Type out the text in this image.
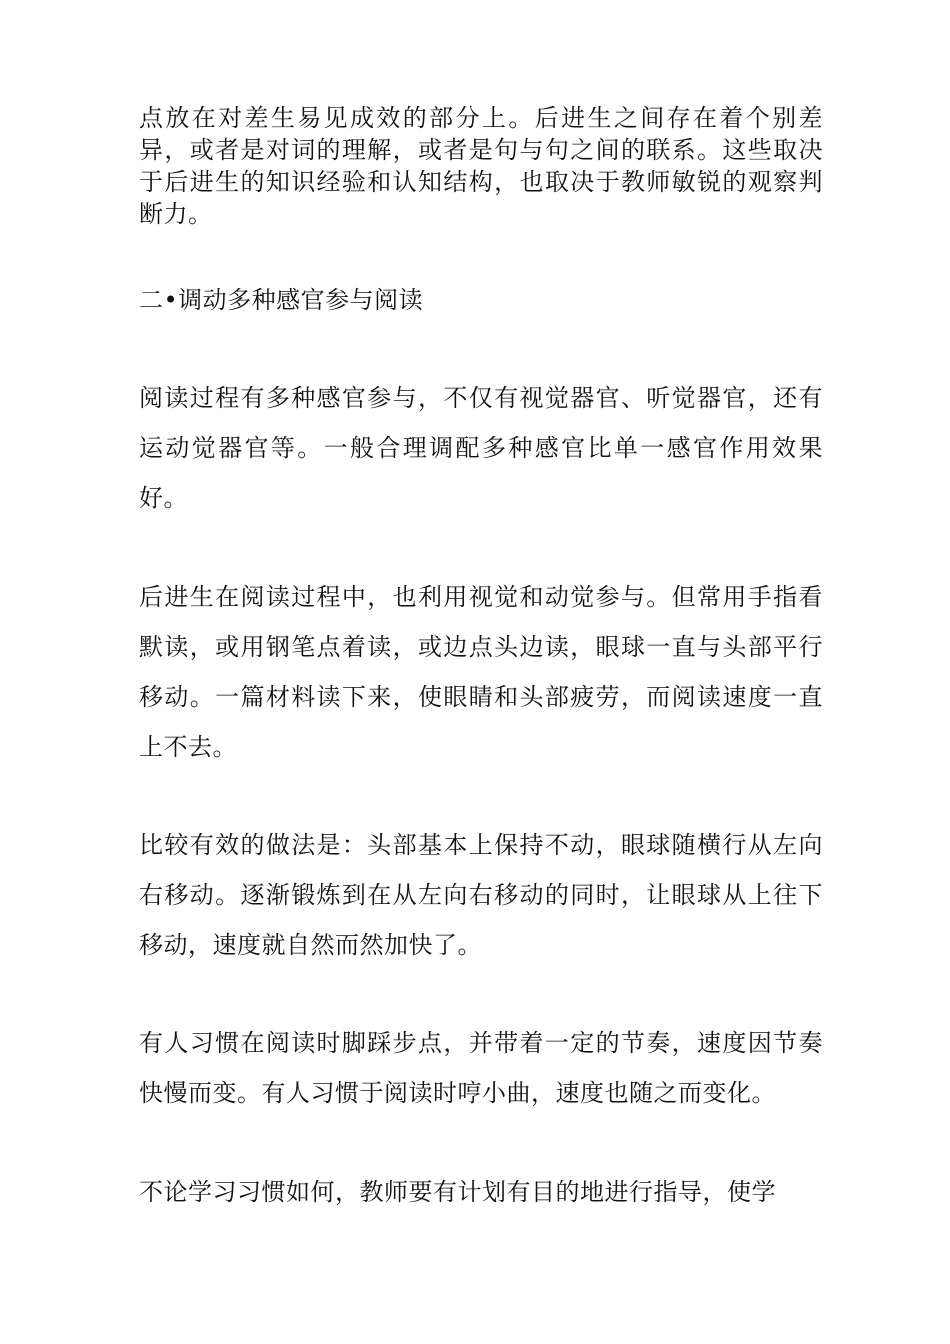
点放在对差生易见成效的部分上。后进生之间存在着个别差异，或者是对词的理解，或者是句与句之间的联系。这些取决于后进生的知识经验和认知结构，也取决于教师敏锐的观察判断力。

二•调动多种感官参与阅读

阅读过程有多种感官参与，不仅有视觉器官、听觉器官，还有运动觉器官等。一般合理调配多种感官比单一感官作用效果好。

后进生在阅读过程中，也利用视觉和动觉参与。但常用手指看默读，或用钢笔点着读，或边点头边读，眼球一直与头部平行移动。一篇材料读下来，使眼睛和头部疲劳，而阅读速度一直上不去。

比较有效的做法是：头部基本上保持不动，眼球随横行从左向右移动。逐渐锻炼到在从左向右移动的同时，让眼球从上往下移动，速度就自然而然加快了。

有人习惯在阅读时脚踩步点，并带着一定的节奏，速度因节奏快慢而变。有人习惯于阅读时哼小曲，速度也随之而变化。

不论学习习惯如何，教师要有计划有目的地进行指导，使学
